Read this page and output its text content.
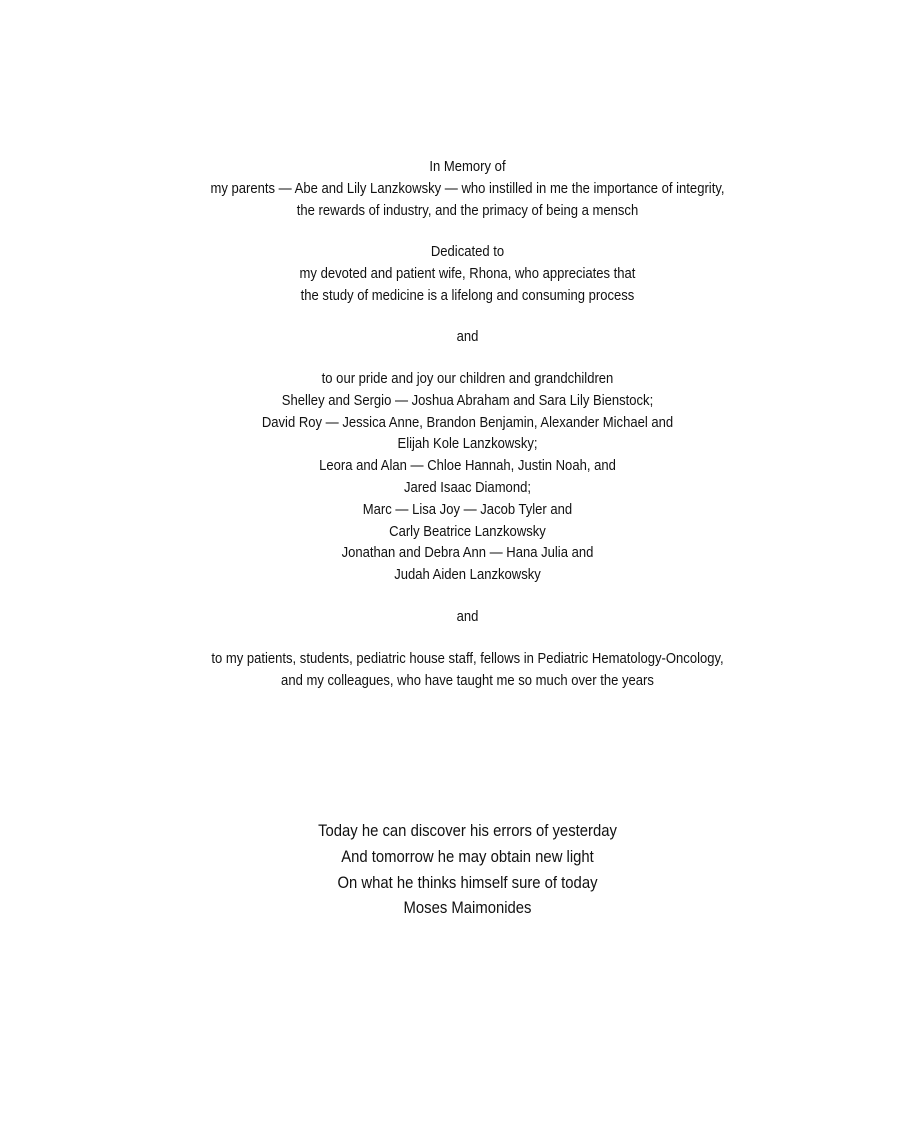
In Memory of
my parents — Abe and Lily Lanzkowsky — who instilled in me the importance of integrity,
the rewards of industry, and the primacy of being a mensch
Dedicated to
my devoted and patient wife, Rhona, who appreciates that
the study of medicine is a lifelong and consuming process
and
to our pride and joy our children and grandchildren
Shelley and Sergio — Joshua Abraham and Sara Lily Bienstock;
David Roy — Jessica Anne, Brandon Benjamin, Alexander Michael and
Elijah Kole Lanzkowsky;
Leora and Alan — Chloe Hannah, Justin Noah, and
Jared Isaac Diamond;
Marc — Lisa Joy — Jacob Tyler and
Carly Beatrice Lanzkowsky
Jonathan and Debra Ann — Hana Julia and
Judah Aiden Lanzkowsky
and
to my patients, students, pediatric house staff, fellows in Pediatric Hematology-Oncology,
and my colleagues, who have taught me so much over the years
Today he can discover his errors of yesterday
And tomorrow he may obtain new light
On what he thinks himself sure of today
Moses Maimonides
